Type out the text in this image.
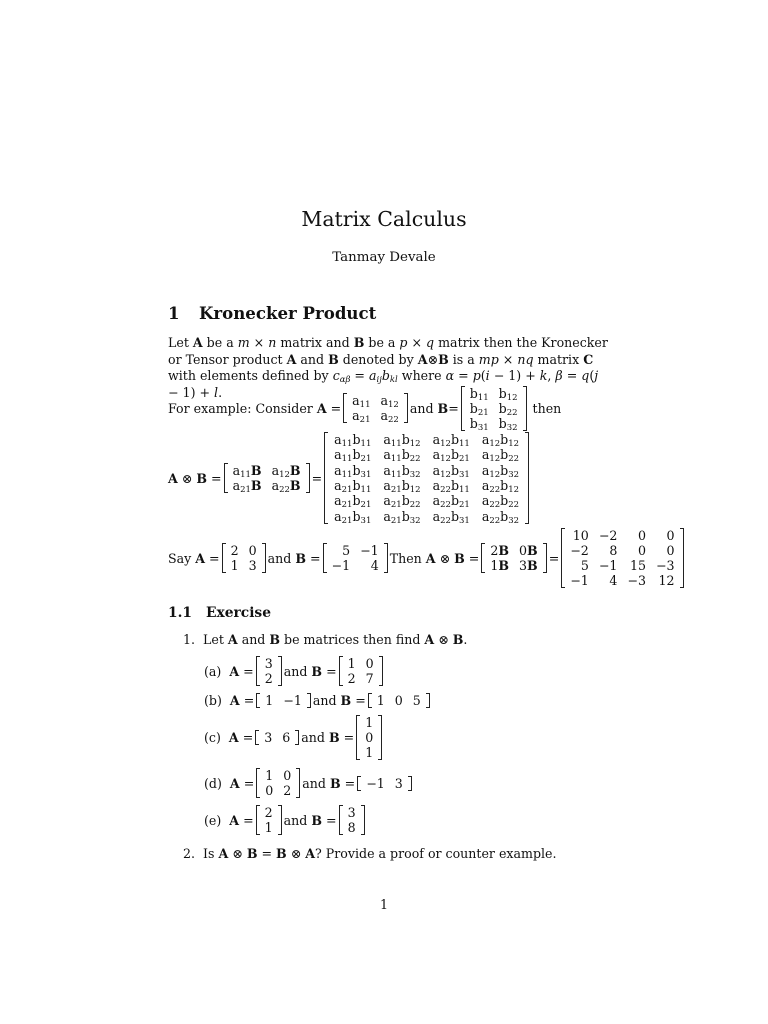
Matrix Calculus
Tanmay Devale
1 Kronecker Product
Let A be a m × n matrix and B be a p × q matrix then the Kronecker or Tensor product A and B denoted by A⊗B is a mp × nq matrix C with elements defined by $c_{\alpha\beta} = a_{ij}b_{kl}$ where α = p(i − 1) + k, β = q(j − 1) + l.
For example: Consider $A = a_{11}$	$a_{12}$
$a_{21}$	$a_{22}$
and B=
$b_{11}$	$b_{12}$
$b_{21}$	$b_{22}$
$b_{31}$	$b_{32}$
then
A ⊗ $B = a_{11}B$	$a_{12}B$
$a_{21}B$	$a_{22}B$ =
$a_{11}b_{11}$	$a_{11}b_{12}$	$a_{12}b_{11}$	$a_{12}b_{12}$
$a_{11}b_{21}$	$a_{11}b_{22}$	$a_{12}b_{21}$	$a_{12}b_{22}$
$a_{11}b_{31}$	$a_{11}b_{32}$	$a_{12}b_{31}$	$a_{12}b_{32}$
$a_{21}b_{11}$	$a_{21}b_{12}$	$a_{22}b_{11}$	$a_{22}b_{12}$
$a_{21}b_{21}$	$a_{21}b_{22}$	$a_{22}b_{21}$	$a_{22}b_{22}$
$a_{21}b_{31}$	$a_{21}b_{32}$	$a_{22}b_{31}$	$a_{22}b_{32}$
Say A = 2	0
1	3 and B = 5	−1
−1	4 Then A ⊗ B = 2B	0B
1B	3B =
10	−2	0	0
−2	8	0	0
5	−1	15	−3
−1	4	−3	12
1.1 Exercise
1.  Let A and B be matrices then find A ⊗ B.
(a) A = 3
2 and B = 1	0
2	7
(b) A = 1	−1 and B = 1	0	5
(c) A = 3	6 and B =
1
0
1
(d) A = 1	0
0	2 and B = −1	3
(e) A = 2
1 and B = 3
8
2.  Is A ⊗ B = B ⊗ A? Provide a proof or counter example.
1
